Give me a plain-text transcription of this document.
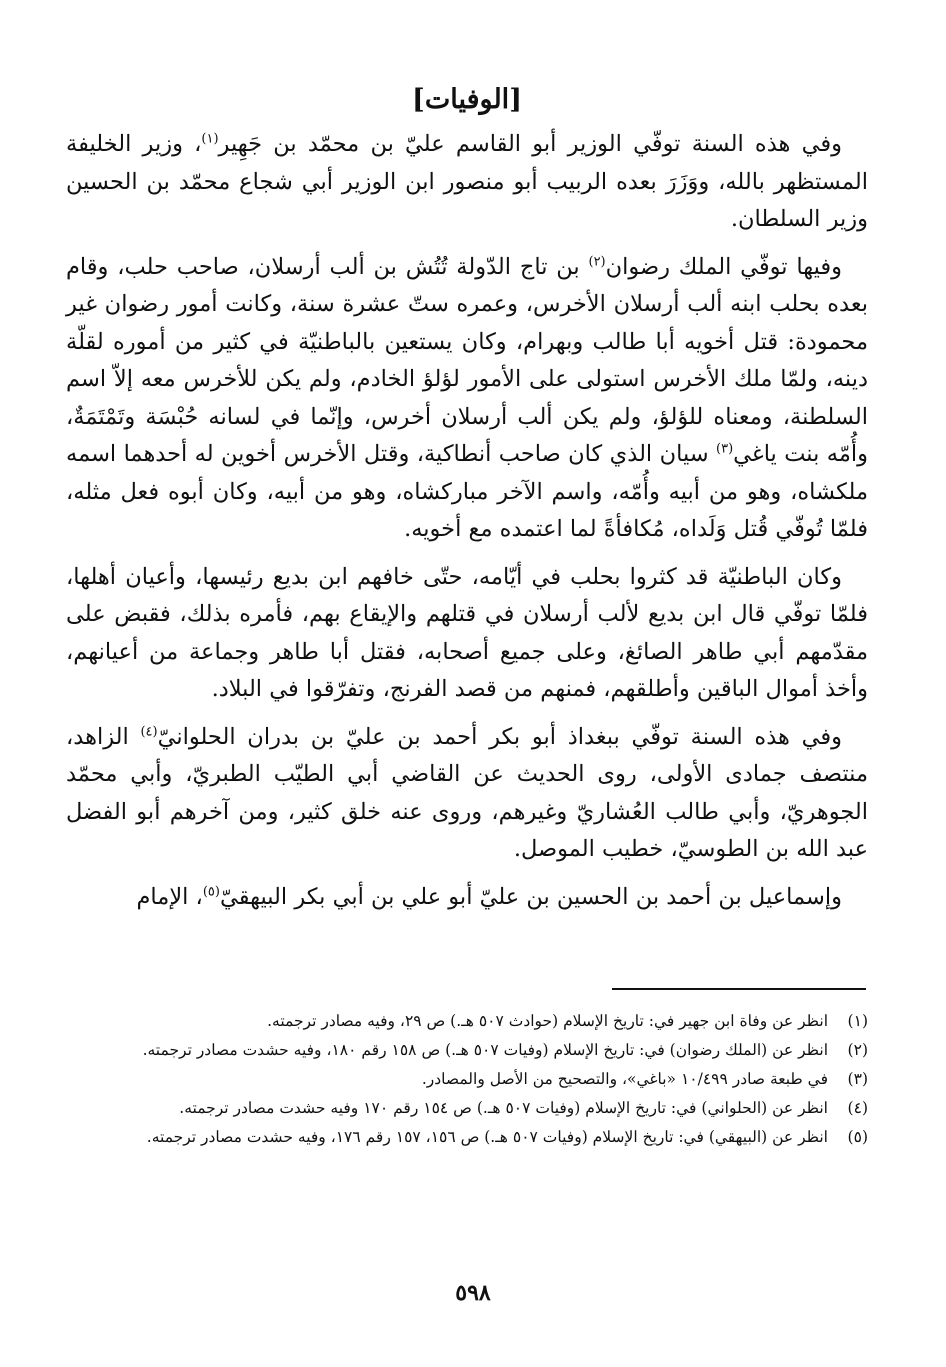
[الوفيات]

وفي هذه السنة توفّي الوزير أبو القاسم عليّ بن محمّد بن جَهِير$^{(١)}$، وزير الخليفة المستظهر بالله، ووَزَرَ بعده الربيب أبو منصور ابن الوزير أبي شجاع محمّد بن الحسين وزير السلطان.

وفيها توفّي الملك رضوان$^{(٢)}$ بن تاج الدّولة تُتُش بن ألب أرسلان، صاحب حلب، وقام بعده بحلب ابنه ألب أرسلان الأخرس، وعمره ستّ عشرة سنة، وكانت أمور رضوان غير محمودة: قتل أخويه أبا طالب وبهرام، وكان يستعين بالباطنيّة في كثير من أموره لقلّة دينه، ولمّا ملك الأخرس استولى على الأمور لؤلؤ الخادم، ولم يكن للأخرس معه إلاّ اسم السلطنة، ومعناه للؤلؤ، ولم يكن ألب أرسلان أخرس، وإنّما في لسانه حُبْسَة وتَمْتَمَةٌ، وأُمّه بنت ياغي$^{(٣)}$ سيان الذي كان صاحب أنطاكية، وقتل الأخرس أخوين له أحدهما اسمه ملكشاه، وهو من أبيه وأُمّه، واسم الآخر مباركشاه، وهو من أبيه، وكان أبوه فعل مثله، فلمّا تُوفّي قُتل وَلَداه، مُكافأةً لما اعتمده مع أخويه.

وكان الباطنيّة قد كثروا بحلب في أيّامه، حتّى خافهم ابن بديع رئيسها، وأعيان أهلها، فلمّا توفّي قال ابن بديع لألب أرسلان في قتلهم والإيقاع بهم، فأمره بذلك، فقبض على مقدّمهم أبي طاهر الصائغ، وعلى جميع أصحابه، فقتل أبا طاهر وجماعة من أعيانهم، وأخذ أموال الباقين وأطلقهم، فمنهم من قصد الفرنج، وتفرّقوا في البلاد.

وفي هذه السنة توفّي ببغداذ أبو بكر أحمد بن عليّ بن بدران الحلوانيّ$^{(٤)}$ الزاهد، منتصف جمادى الأولى، روى الحديث عن القاضي أبي الطيّب الطبريّ، وأبي محمّد الجوهريّ، وأبي طالب العُشاريّ وغيرهم، وروى عنه خلق كثير، ومن آخرهم أبو الفضل عبد الله بن الطوسيّ، خطيب الموصل.

وإسماعيل بن أحمد بن الحسين بن عليّ أبو علي بن أبي بكر البيهقيّ$^{(٥)}$، الإمام

(١)
انظر عن وفاة ابن جهير في: تاريخ الإسلام (حوادث ٥٠٧ هـ.) ص ٢٩، وفيه مصادر ترجمته.
(٢)
انظر عن (الملك رضوان) في: تاريخ الإسلام (وفيات ٥٠٧ هـ.) ص ١٥٨ رقم ١٨٠، وفيه حشدت مصادر ترجمته.
(٣)
في طبعة صادر ١٠/٤٩٩ «باغي»، والتصحيح من الأصل والمصادر.
(٤)
انظر عن (الحلواني) في: تاريخ الإسلام (وفيات ٥٠٧ هـ.) ص ١٥٤ رقم ١٧٠ وفيه حشدت مصادر ترجمته.
(٥)
انظر عن (البيهقي) في: تاريخ الإسلام (وفيات ٥٠٧ هـ.) ص ١٥٦، ١٥٧ رقم ١٧٦، وفيه حشدت مصادر ترجمته.
٥٩٨
